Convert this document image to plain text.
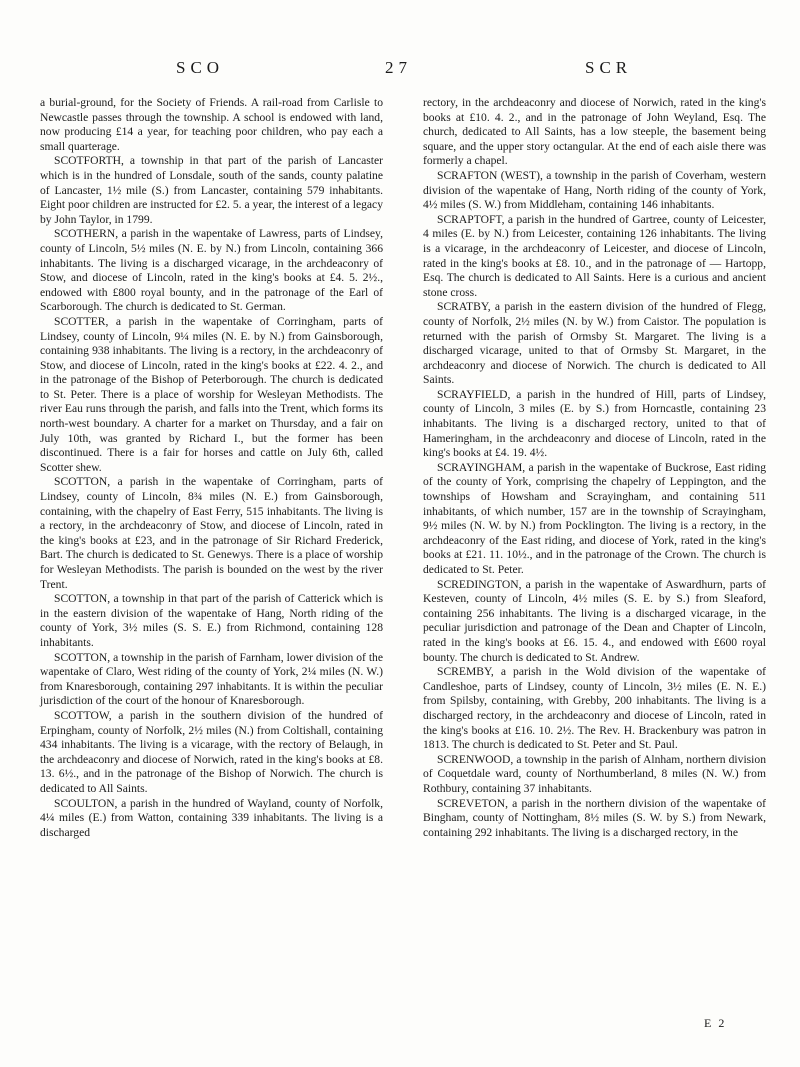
SCO	27	SCR

a burial-ground, for the Society of Friends. A rail-road from Carlisle to Newcastle passes through the township. A school is endowed with land, now producing £14 a year, for teaching poor children, who pay each a small quarterage.

SCOTFORTH, a township in that part of the parish of Lancaster which is in the hundred of Lonsdale, south of the sands, county palatine of Lancaster, 1½ mile (S.) from Lancaster, containing 579 inhabitants. Eight poor children are instructed for £2. 5. a year, the interest of a legacy by John Taylor, in 1799.

SCOTHERN, a parish in the wapentake of Lawress, parts of Lindsey, county of Lincoln, 5½ miles (N. E. by N.) from Lincoln, containing 366 inhabitants. The living is a discharged vicarage, in the archdeaconry of Stow, and diocese of Lincoln, rated in the king's books at £4. 5. 2½., endowed with £800 royal bounty, and in the patronage of the Earl of Scarborough. The church is dedicated to St. German.

SCOTTER, a parish in the wapentake of Corringham, parts of Lindsey, county of Lincoln, 9¼ miles (N. E. by N.) from Gainsborough, containing 938 inhabitants. The living is a rectory, in the archdeaconry of Stow, and diocese of Lincoln, rated in the king's books at £22. 4. 2., and in the patronage of the Bishop of Peterborough. The church is dedicated to St. Peter. There is a place of worship for Wesleyan Methodists. The river Eau runs through the parish, and falls into the Trent, which forms its north-west boundary. A charter for a market on Thursday, and a fair on July 10th, was granted by Richard I., but the former has been discontinued. There is a fair for horses and cattle on July 6th, called Scotter shew.

SCOTTON, a parish in the wapentake of Corringham, parts of Lindsey, county of Lincoln, 8¾ miles (N. E.) from Gainsborough, containing, with the chapelry of East Ferry, 515 inhabitants. The living is a rectory, in the archdeaconry of Stow, and diocese of Lincoln, rated in the king's books at £23, and in the patronage of Sir Richard Frederick, Bart. The church is dedicated to St. Genewys. There is a place of worship for Wesleyan Methodists. The parish is bounded on the west by the river Trent.

SCOTTON, a township in that part of the parish of Catterick which is in the eastern division of the wapentake of Hang, North riding of the county of York, 3½ miles (S. S. E.) from Richmond, containing 128 inhabitants.

SCOTTON, a township in the parish of Farnham, lower division of the wapentake of Claro, West riding of the county of York, 2¼ miles (N. W.) from Knaresborough, containing 297 inhabitants. It is within the peculiar jurisdiction of the court of the honour of Knaresborough.

SCOTTOW, a parish in the southern division of the hundred of Erpingham, county of Norfolk, 2½ miles (N.) from Coltishall, containing 434 inhabitants. The living is a vicarage, with the rectory of Belaugh, in the archdeaconry and diocese of Norwich, rated in the king's books at £8. 13. 6½., and in the patronage of the Bishop of Norwich. The church is dedicated to All Saints.

SCOULTON, a parish in the hundred of Wayland, county of Norfolk, 4¼ miles (E.) from Watton, containing 339 inhabitants. The living is a discharged

rectory, in the archdeaconry and diocese of Norwich, rated in the king's books at £10. 4. 2., and in the patronage of John Weyland, Esq. The church, dedicated to All Saints, has a low steeple, the basement being square, and the upper story octangular. At the end of each aisle there was formerly a chapel.

SCRAFTON (WEST), a township in the parish of Coverham, western division of the wapentake of Hang, North riding of the county of York, 4½ miles (S. W.) from Middleham, containing 146 inhabitants.

SCRAPTOFT, a parish in the hundred of Gartree, county of Leicester, 4 miles (E. by N.) from Leicester, containing 126 inhabitants. The living is a vicarage, in the archdeaconry of Leicester, and diocese of Lincoln, rated in the king's books at £8. 10., and in the patronage of — Hartopp, Esq. The church is dedicated to All Saints. Here is a curious and ancient stone cross.

SCRATBY, a parish in the eastern division of the hundred of Flegg, county of Norfolk, 2½ miles (N. by W.) from Caistor. The population is returned with the parish of Ormsby St. Margaret. The living is a discharged vicarage, united to that of Ormsby St. Margaret, in the archdeaconry and diocese of Norwich. The church is dedicated to All Saints.

SCRAYFIELD, a parish in the hundred of Hill, parts of Lindsey, county of Lincoln, 3 miles (E. by S.) from Horncastle, containing 23 inhabitants. The living is a discharged rectory, united to that of Hameringham, in the archdeaconry and diocese of Lincoln, rated in the king's books at £4. 19. 4½.

SCRAYINGHAM, a parish in the wapentake of Buckrose, East riding of the county of York, comprising the chapelry of Leppington, and the townships of Howsham and Scrayingham, and containing 511 inhabitants, of which number, 157 are in the township of Scrayingham, 9½ miles (N. W. by N.) from Pocklington. The living is a rectory, in the archdeaconry of the East riding, and diocese of York, rated in the king's books at £21. 11. 10½., and in the patronage of the Crown. The church is dedicated to St. Peter.

SCREDINGTON, a parish in the wapentake of Aswardhurn, parts of Kesteven, county of Lincoln, 4½ miles (S. E. by S.) from Sleaford, containing 256 inhabitants. The living is a discharged vicarage, in the peculiar jurisdiction and patronage of the Dean and Chapter of Lincoln, rated in the king's books at £6. 15. 4., and endowed with £600 royal bounty. The church is dedicated to St. Andrew.

SCREMBY, a parish in the Wold division of the wapentake of Candleshoe, parts of Lindsey, county of Lincoln, 3½ miles (E. N. E.) from Spilsby, containing, with Grebby, 200 inhabitants. The living is a discharged rectory, in the archdeaconry and diocese of Lincoln, rated in the king's books at £16. 10. 2½. The Rev. H. Brackenbury was patron in 1813. The church is dedicated to St. Peter and St. Paul.

SCRENWOOD, a township in the parish of Alnham, northern division of Coquetdale ward, county of Northumberland, 8 miles (N. W.) from Rothbury, containing 37 inhabitants.

SCREVETON, a parish in the northern division of the wapentake of Bingham, county of Nottingham, 8½ miles (S. W. by S.) from Newark, containing 292 inhabitants. The living is a discharged rectory, in the

E 2
